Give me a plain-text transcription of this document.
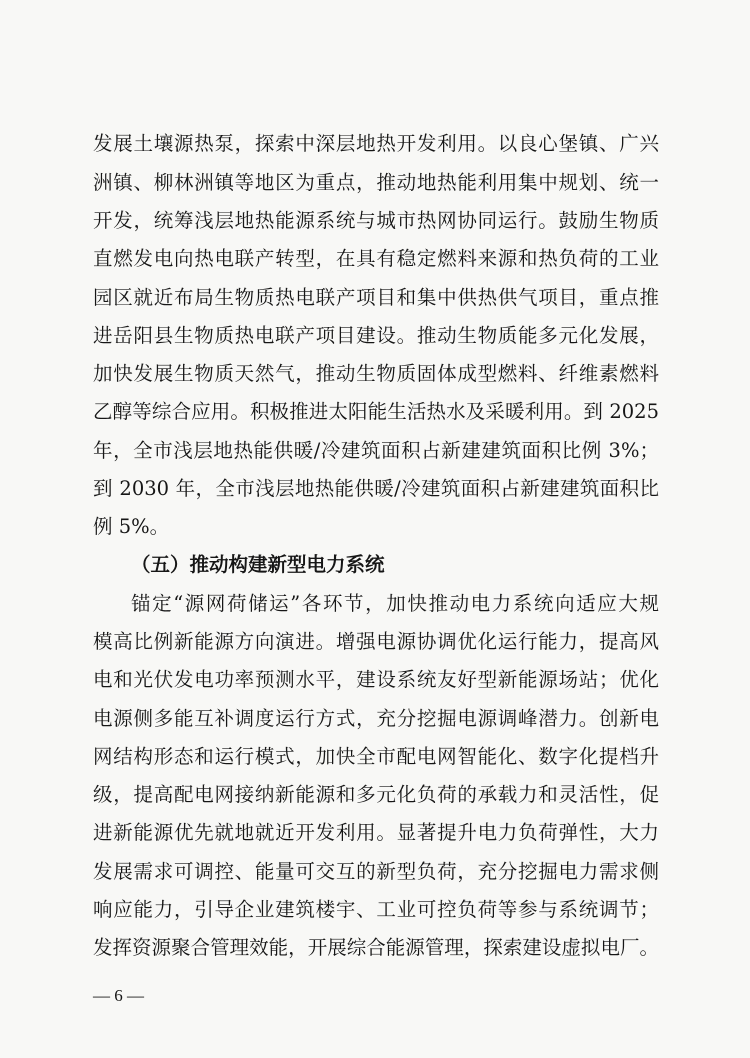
发展土壤源热泵，探索中深层地热开发利用。以良心堡镇、广兴
洲镇、柳林洲镇等地区为重点，推动地热能利用集中规划、统一
开发，统筹浅层地热能源系统与城市热网协同运行。鼓励生物质
直燃发电向热电联产转型，在具有稳定燃料来源和热负荷的工业
园区就近布局生物质热电联产项目和集中供热供气项目，重点推
进岳阳县生物质热电联产项目建设。推动生物质能多元化发展，
加快发展生物质天然气，推动生物质固体成型燃料、纤维素燃料
乙醇等综合应用。积极推进太阳能生活热水及采暖利用。到 2025
年，全市浅层地热能供暖/冷建筑面积占新建建筑面积比例 3%；
到 2030 年，全市浅层地热能供暖/冷建筑面积占新建建筑面积比
例 5%。
（五）推动构建新型电力系统
锚定“源网荷储运”各环节，加快推动电力系统向适应大规
模高比例新能源方向演进。增强电源协调优化运行能力，提高风
电和光伏发电功率预测水平，建设系统友好型新能源场站；优化
电源侧多能互补调度运行方式，充分挖掘电源调峰潜力。创新电
网结构形态和运行模式，加快全市配电网智能化、数字化提档升
级，提高配电网接纳新能源和多元化负荷的承载力和灵活性，促
进新能源优先就地就近开发利用。显著提升电力负荷弹性，大力
发展需求可调控、能量可交互的新型负荷，充分挖掘电力需求侧
响应能力，引导企业建筑楼宇、工业可控负荷等参与系统调节；
发挥资源聚合管理效能，开展综合能源管理，探索建设虚拟电厂。
— 6 —
